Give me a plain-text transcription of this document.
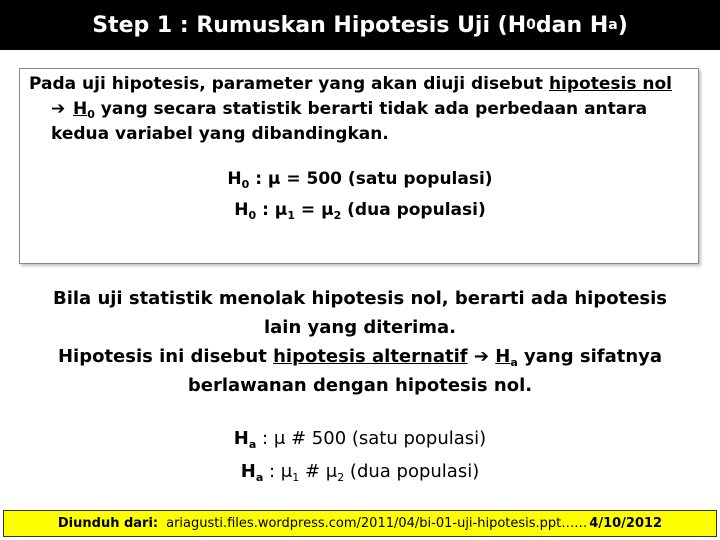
Step 1 : Rumuskan Hipotesis Uji (H 0 dan H a )
Pada uji hipotesis, parameter yang akan diuji disebut hipotesis nol
➔ $H_0$ yang secara statistik berarti tidak ada perbedaan antara
kedua variabel yang dibandingkan.
$H_0$ : μ = 500 (satu populasi)
$H_0$ : $\mu_1 = \mu_2$ (dua populasi)
Bila uji statistik menolak hipotesis nol, berarti ada hipotesis
lain yang diterima.
Hipotesis ini disebut hipotesis alternatif ➔ $H_a$ yang sifatnya
berlawanan dengan hipotesis nol.
$H_a$ : μ # 500 (satu populasi)
$H_a$ : $\mu_1$ # $\mu_2$ (dua populasi)
Diunduh dari: ariagusti.files.wordpress.com/2011/04/bi-01-uji-hipotesis.ppt…… 4/10/2012
